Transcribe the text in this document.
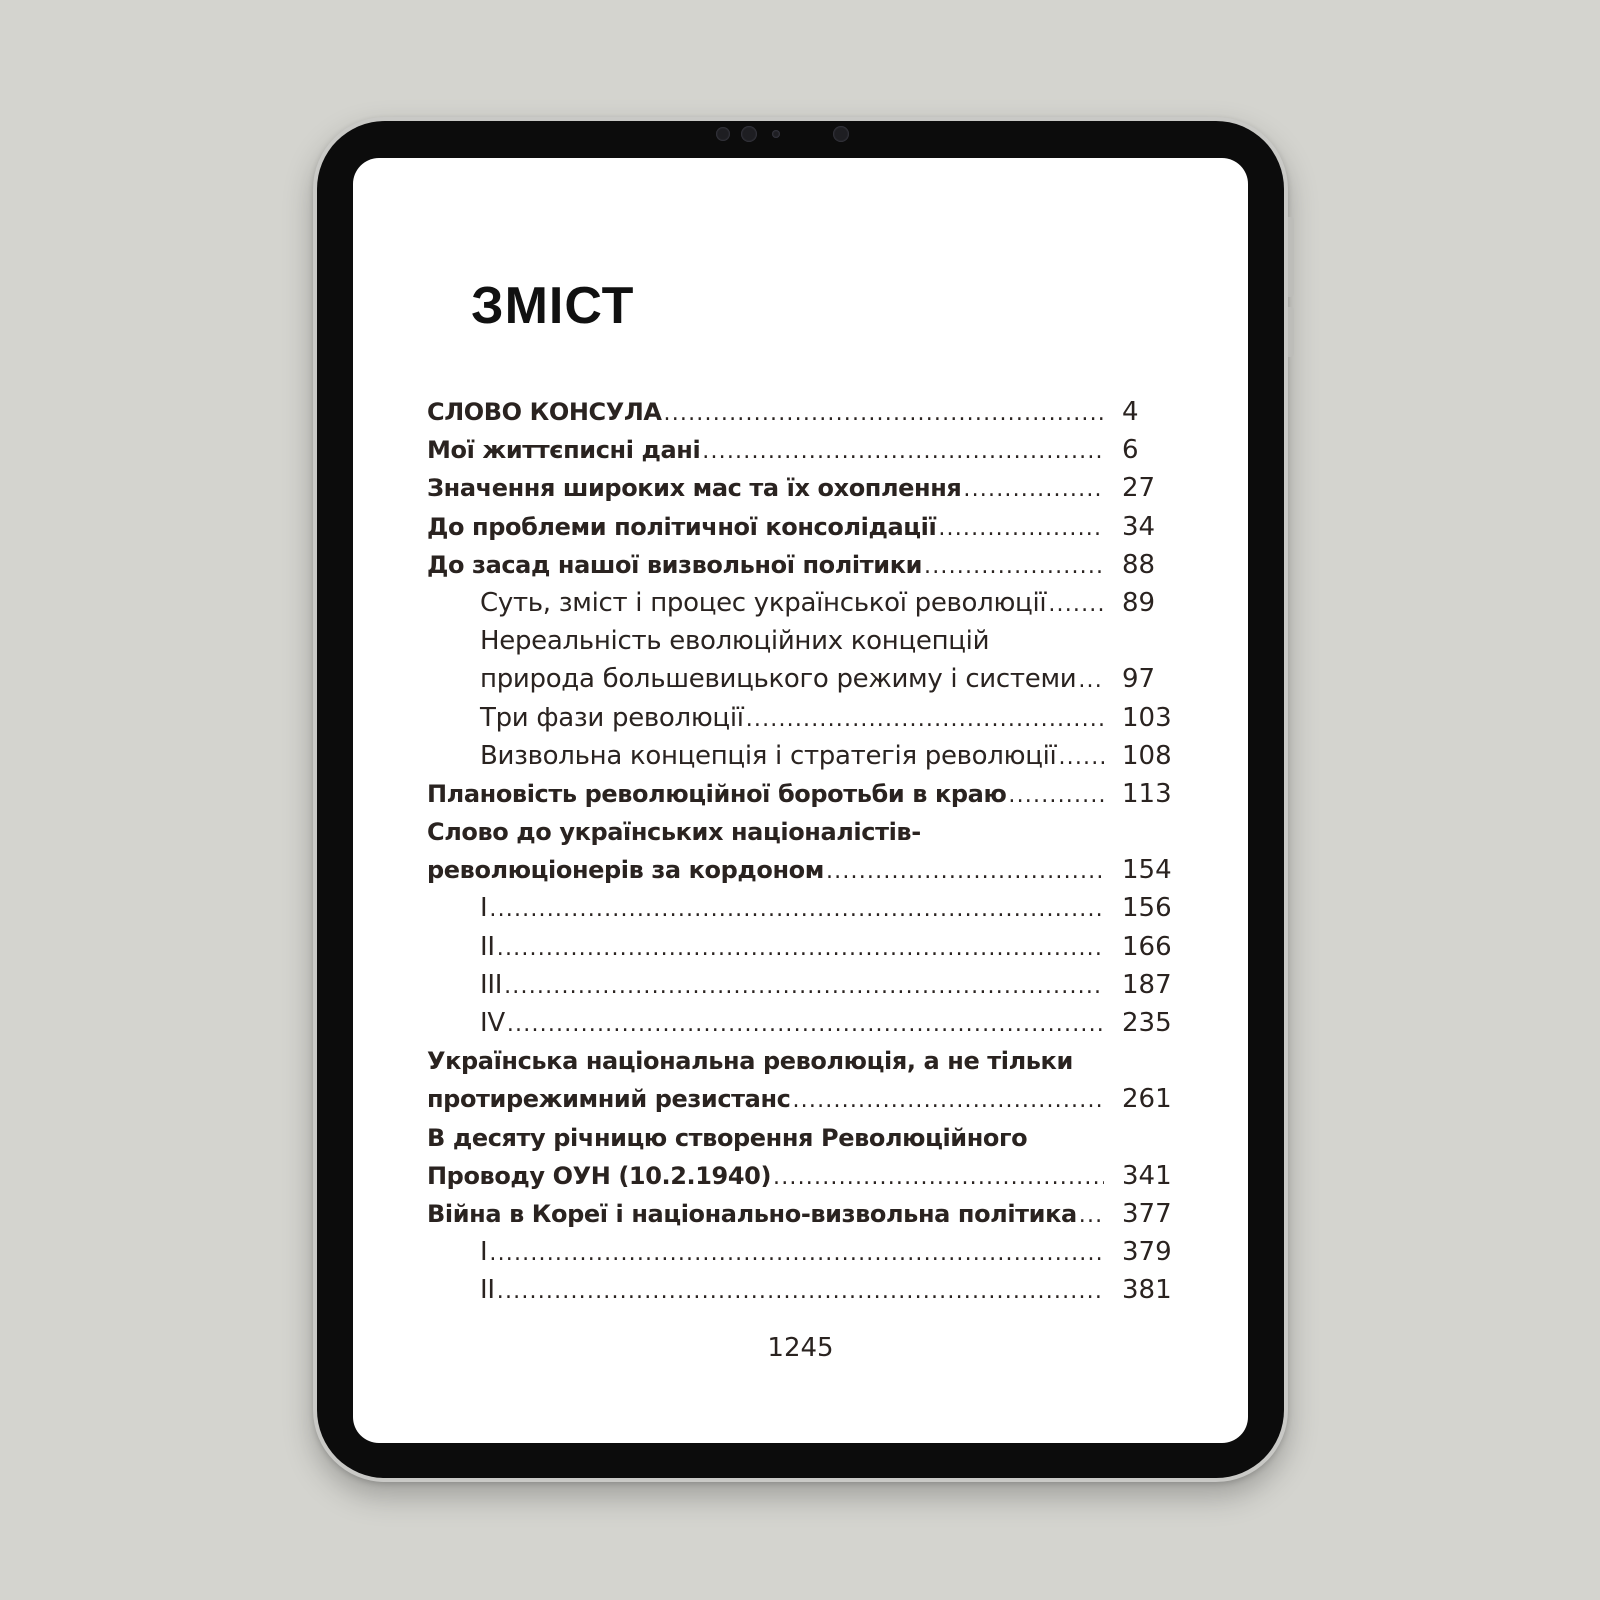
ЗМІСТ
СЛОВО КОНСУЛА .....	4
Мої життєписні дані .....	6
Значення широких мас та їх охоплення .....	27
До проблеми політичної консолідації .....	34
До засад нашої визвольної політики .....	88
Суть, зміст і процес української революції .....	89
Нереальність еволюційних концепцій
природа большевицького режиму і системи ..... 97
Три фази революції .....	103
Визвольна концепція і стратегія революції .....	108
Плановість революційної боротьби в краю .....	113
Слово до українських націоналістів-
революціонерів за кордоном .....	154
І .....	156
ІІ .....	166
ІІІ .....	187
IV .....	235
Українська національна революція, а не тільки
протирежимний резистанс .....	261
В десяту річницю створення Революційного
Проводу ОУН (10.2.1940) .....	341
Війна в Кореї і національно-визвольна політика ..... 377
І .....	379
ІІ .....	381
1245
